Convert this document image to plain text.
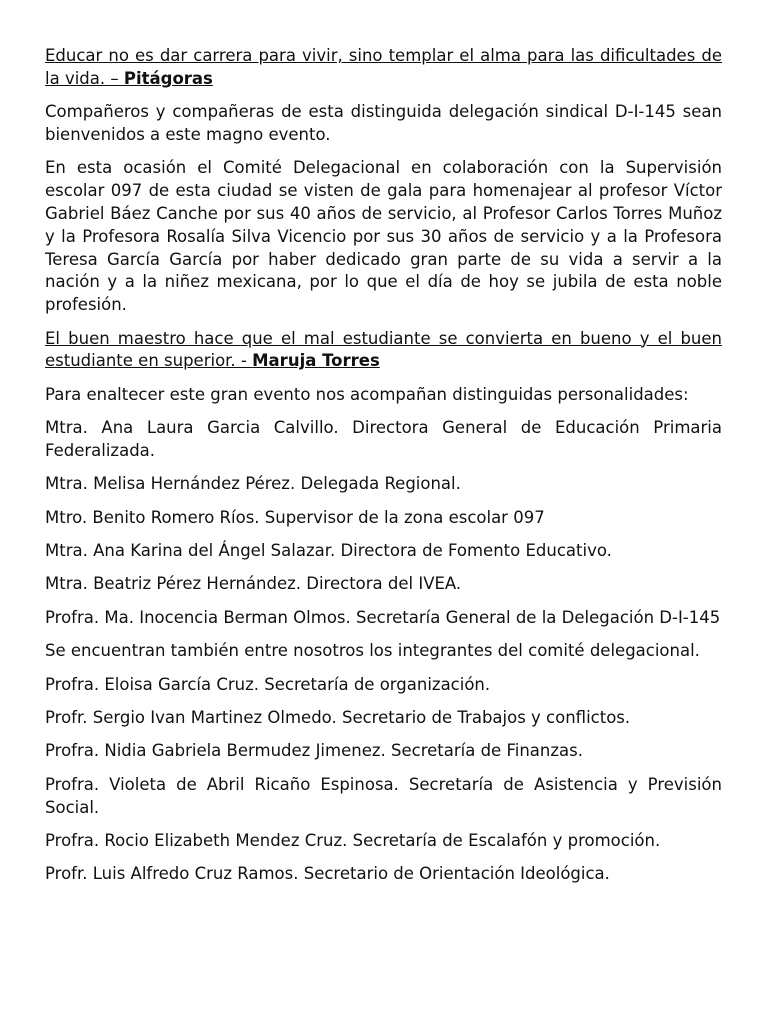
Educar no es dar carrera para vivir, sino templar el alma para las dificultades de la vida. – Pitágoras

Compañeros y compañeras de esta distinguida delegación sindical D-I-145 sean bienvenidos a este magno evento.

En esta ocasión el Comité Delegacional en colaboración con la Supervisión escolar 097 de esta ciudad se visten de gala para homenajear al profesor Víctor Gabriel Báez Canche por sus 40 años de servicio, al Profesor Carlos Torres Muñoz y la Profesora Rosalía Silva Vicencio por sus 30 años de servicio y a la Profesora Teresa García García por haber dedicado gran parte de su vida a servir a la nación y a la niñez mexicana, por lo que el día de hoy se jubila de esta noble profesión.

El buen maestro hace que el mal estudiante se convierta en bueno y el buen estudiante en superior. - Maruja Torres

Para enaltecer este gran evento nos acompañan distinguidas personalidades:

Mtra. Ana Laura Garcia Calvillo. Directora General de Educación Primaria Federalizada.

Mtra. Melisa Hernández Pérez. Delegada Regional.

Mtro. Benito Romero Ríos. Supervisor de la zona escolar 097

Mtra. Ana Karina del Ángel Salazar. Directora de Fomento Educativo.

Mtra. Beatriz Pérez Hernández. Directora del IVEA.

Profra. Ma. Inocencia Berman Olmos. Secretaría General de la Delegación D-I-145

Se encuentran también entre nosotros los integrantes del comité delegacional.

Profra. Eloisa García Cruz. Secretaría de organización.

Profr. Sergio Ivan Martinez Olmedo. Secretario de Trabajos y conflictos.

Profra. Nidia Gabriela Bermudez Jimenez. Secretaría de Finanzas.

Profra. Violeta de Abril Ricaño Espinosa. Secretaría de Asistencia y Previsión Social.

Profra. Rocio Elizabeth Mendez Cruz. Secretaría de Escalafón y promoción.

Profr. Luis Alfredo Cruz Ramos. Secretario de Orientación Ideológica.
